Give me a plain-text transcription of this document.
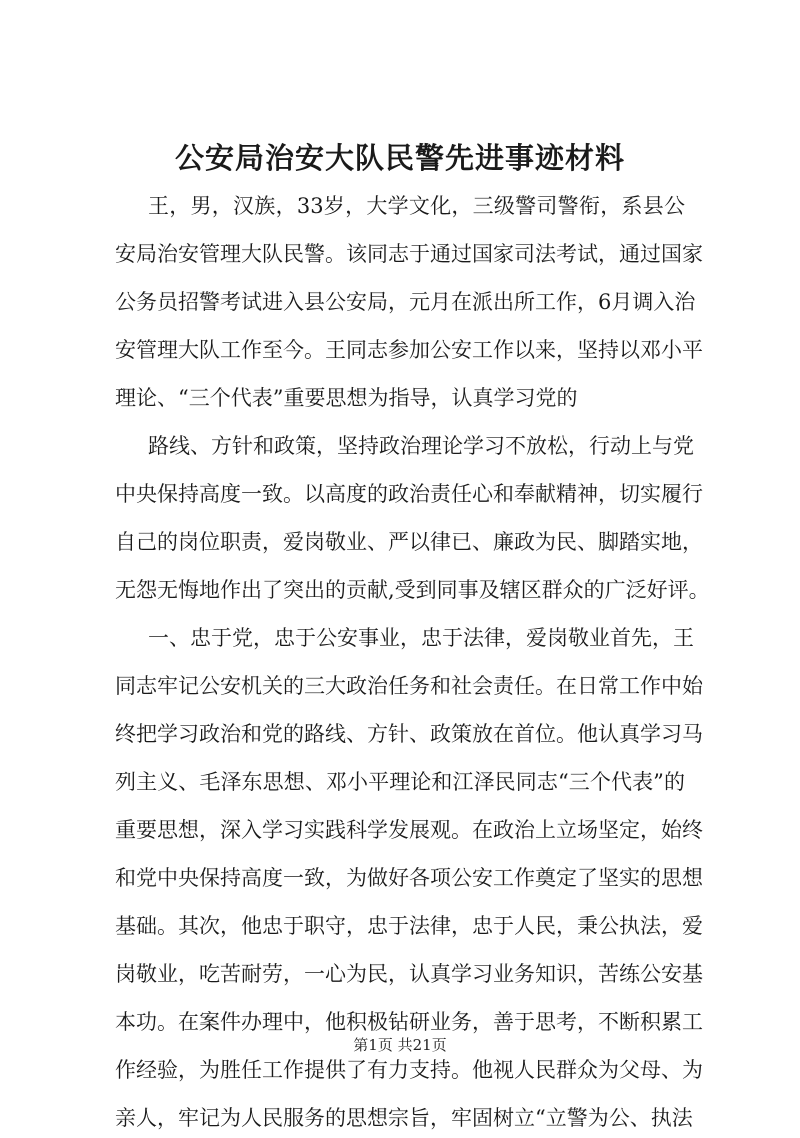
公安局治安大队民警先进事迹材料
王，男，汉族，33岁，大学文化，三级警司警衔，系县公
安局治安管理大队民警。该同志于通过国家司法考试，通过国家
公务员招警考试进入县公安局，元月在派出所工作，6月调入治
安管理大队工作至今。王同志参加公安工作以来，坚持以邓小平
理论、“三个代表”重要思想为指导，认真学习党的
路线、方针和政策，坚持政治理论学习不放松，行动上与党
中央保持高度一致。以高度的政治责任心和奉献精神，切实履行
自己的岗位职责，爱岗敬业、严以律已、廉政为民、脚踏实地，
无怨无悔地作出了突出的贡献,受到同事及辖区群众的广泛好评。
一、忠于党，忠于公安事业，忠于法律，爱岗敬业首先，王
同志牢记公安机关的三大政治任务和社会责任。在日常工作中始
终把学习政治和党的路线、方针、政策放在首位。他认真学习马
列主义、毛泽东思想、邓小平理论和江泽民同志“三个代表”的
重要思想，深入学习实践科学发展观。在政治上立场坚定，始终
和党中央保持高度一致，为做好各项公安工作奠定了坚实的思想
基础。其次，他忠于职守，忠于法律，忠于人民，秉公执法，爱
岗敬业，吃苦耐劳，一心为民，认真学习业务知识，苦练公安基
本功。在案件办理中，他积极钻研业务，善于思考，不断积累工
作经验，为胜任工作提供了有力支持。他视人民群众为父母、为
亲人，牢记为人民服务的思想宗旨，牢固树立“立警为公、执法
第1页 共21页
